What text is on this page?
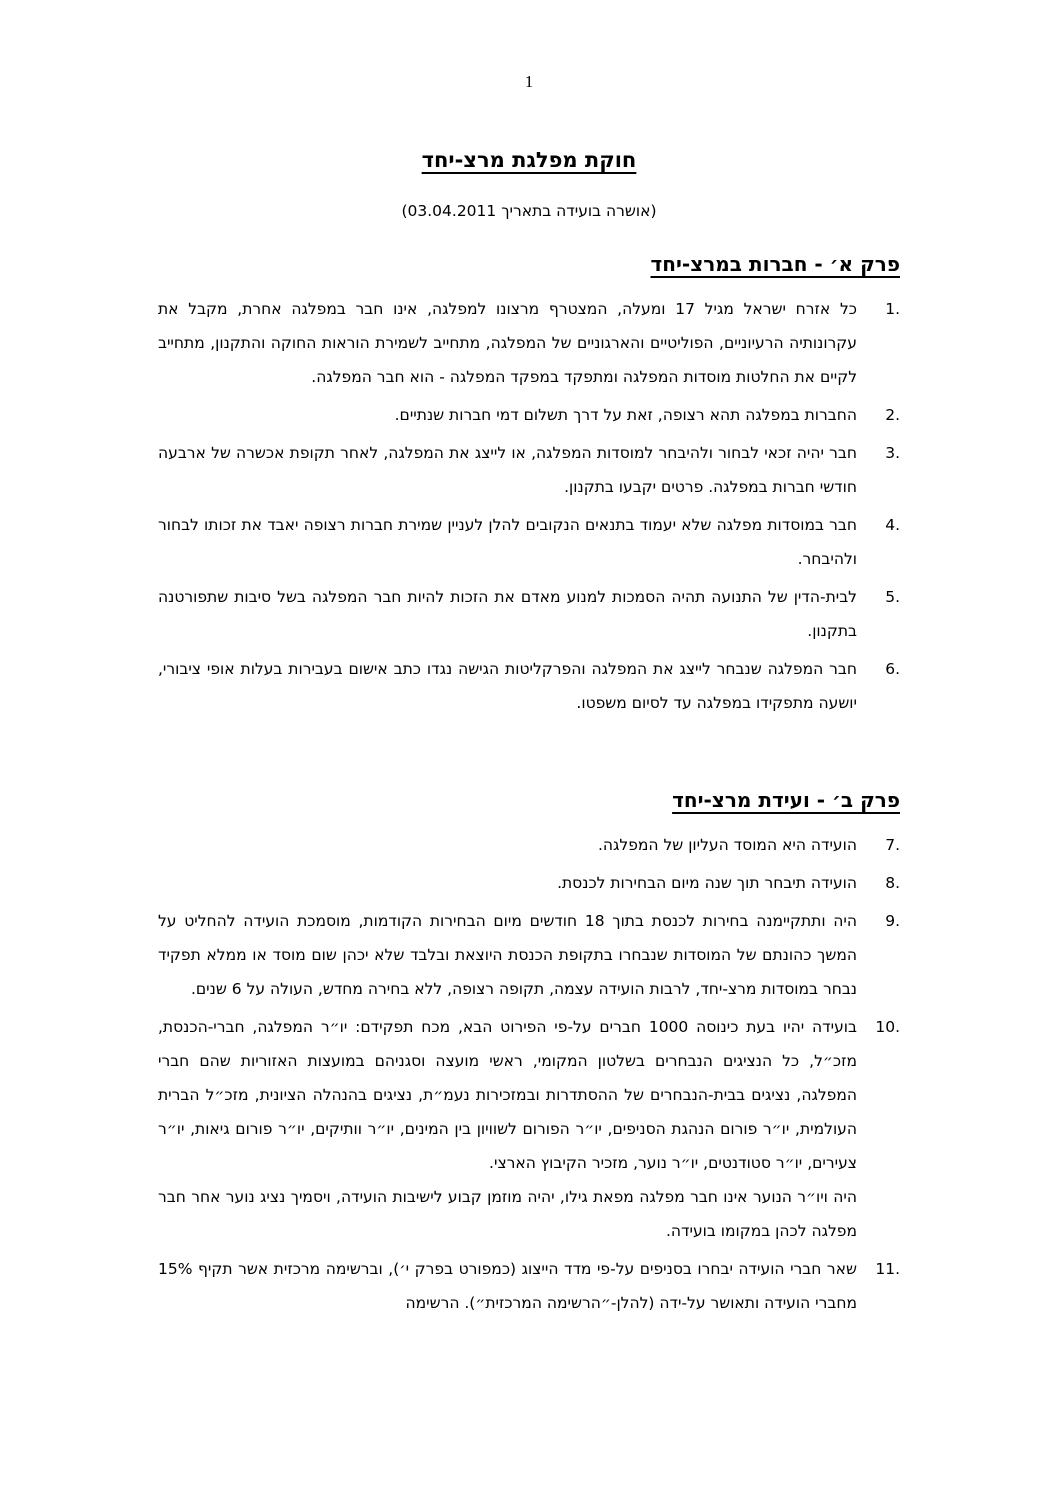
1
חוקת מפלגת מרצ-יחד

(אושרה בועידה בתאריך 03.04.2011)

פרק א׳ - חברות במרצ-יחד
1.
כל אזרח ישראל מגיל 17 ומעלה, המצטרף מרצונו למפלגה, אינו חבר במפלגה אחרת, מקבל את עקרונותיה הרעיוניים, הפוליטיים והארגוניים של המפלגה, מתחייב לשמירת הוראות החוקה והתקנון, מתחייב לקיים את החלטות מוסדות המפלגה ומתפקד במפקד המפלגה - הוא חבר המפלגה.
2.
החברות במפלגה תהא רצופה, זאת על דרך תשלום דמי חברות שנתיים.
3.
חבר יהיה זכאי לבחור ולהיבחר למוסדות המפלגה, או לייצג את המפלגה, לאחר תקופת אכשרה של ארבעה חודשי חברות במפלגה. פרטים יקבעו בתקנון.
4.
חבר במוסדות מפלגה שלא יעמוד בתנאים הנקובים להלן לעניין שמירת חברות רצופה יאבד את זכותו לבחור ולהיבחר.
5.
לבית-הדין של התנועה תהיה הסמכות למנוע מאדם את הזכות להיות חבר המפלגה בשל סיבות שתפורטנה בתקנון.
6.
חבר המפלגה שנבחר לייצג את המפלגה והפרקליטות הגישה נגדו כתב אישום בעבירות בעלות אופי ציבורי, יושעה מתפקידו במפלגה עד לסיום משפטו.
פרק ב׳ - ועידת מרצ-יחד
7.
הועידה היא המוסד העליון של המפלגה.
8.
הועידה תיבחר תוך שנה מיום הבחירות לכנסת.
9.
היה ותתקיימנה בחירות לכנסת בתוך 18 חודשים מיום הבחירות הקודמות, מוסמכת הועידה להחליט על המשך כהונתם של המוסדות שנבחרו בתקופת הכנסת היוצאת ובלבד שלא יכהן שום מוסד או ממלא תפקיד נבחר במוסדות מרצ-יחד, לרבות הועידה עצמה, תקופה רצופה, ללא בחירה מחדש, העולה על 6 שנים.
10.
בועידה יהיו בעת כינוסה 1000 חברים על-פי הפירוט הבא, מכח תפקידם: יו״ר המפלגה, חברי-הכנסת, מזכ״ל, כל הנציגים הנבחרים בשלטון המקומי, ראשי מועצה וסגניהם במועצות האזוריות שהם חברי המפלגה, נציגים בבית-הנבחרים של ההסתדרות ובמזכירות נעמ״ת, נציגים בהנהלה הציונית, מזכ״ל הברית העולמית, יו״ר פורום הנהגת הסניפים, יו״ר הפורום לשוויון בין המינים, יו״ר וותיקים, יו״ר פורום גיאות, יו״ר צעירים, יו״ר סטודנטים, יו״ר נוער, מזכיר הקיבוץ הארצי.
היה ויו״ר הנוער אינו חבר מפלגה מפאת גילו, יהיה מוזמן קבוע לישיבות הועידה, ויסמיך נציג נוער אחר חבר מפלגה לכהן במקומו בועידה.
11.
שאר חברי הועידה יבחרו בסניפים על-פי מדד הייצוג (כמפורט בפרק י׳), וברשימה מרכזית אשר תקיף 15% מחברי הועידה ותאושר על-ידה (להלן-״הרשימה המרכזית״). הרשימה
